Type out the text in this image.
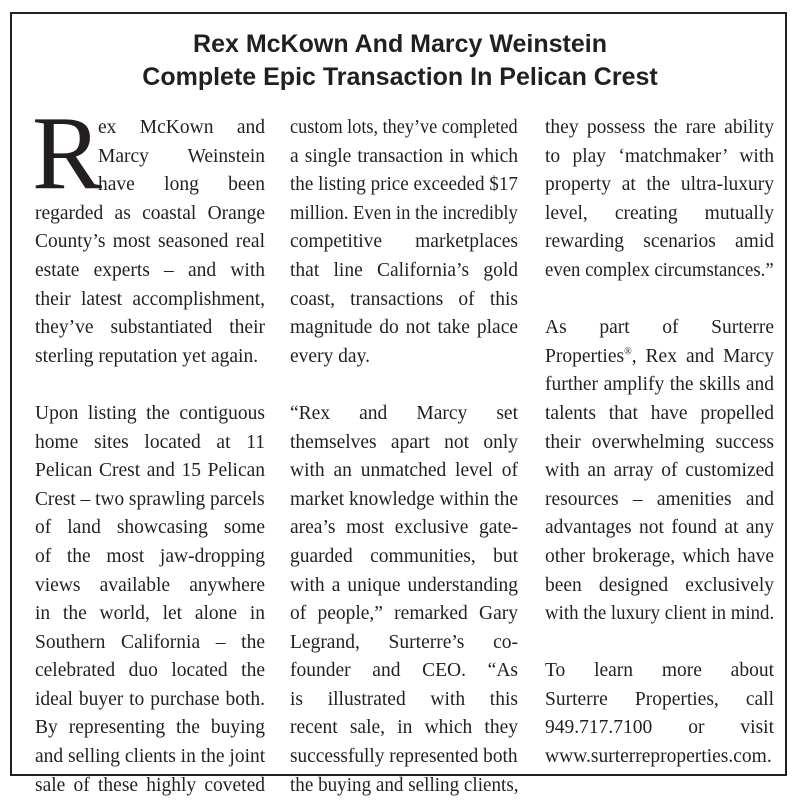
Rex McKown And Marcy Weinstein
Complete Epic Transaction In Pelican Crest
R
ex McKown and
Marcy Weinstein
have long been

regarded as coastal Orange
County’s most seasoned real
estate experts – and with
their latest accomplishment,
they’ve substantiated their
sterling reputation yet again.

Upon listing the contiguous
home sites located at 11
Pelican Crest and 15 Pelican
Crest – two sprawling parcels
of land showcasing some
of the most jaw-dropping
views available anywhere
in the world, let alone in
Southern California – the
celebrated duo located the
ideal buyer to purchase both.
By representing the buying
and selling clients in the joint
sale of these highly coveted

custom lots, they’ve completed
a single transaction in which
the listing price exceeded $17
million. Even in the incredibly
competitive marketplaces
that line California’s gold
coast, transactions of this
magnitude do not take place
every day.

“Rex and Marcy set
themselves apart not only
with an unmatched level of
market knowledge within the
area’s most exclusive gate-
guarded communities, but
with a unique understanding
of people,” remarked Gary
Legrand, Surterre’s co-
founder and CEO. “As
is illustrated with this
recent sale, in which they
successfully represented both
the buying and selling clients,

they possess the rare ability
to play ‘matchmaker’ with
property at the ultra-luxury
level, creating mutually
rewarding scenarios amid
even complex circumstances.”

As part of Surterre
Properties®, Rex and Marcy
further amplify the skills and
talents that have propelled
their overwhelming success
with an array of customized
resources – amenities and
advantages not found at any
other brokerage, which have
been designed exclusively
with the luxury client in mind.

To learn more about
Surterre Properties, call
949.717.7100 or visit
www.surterreproperties.com.
